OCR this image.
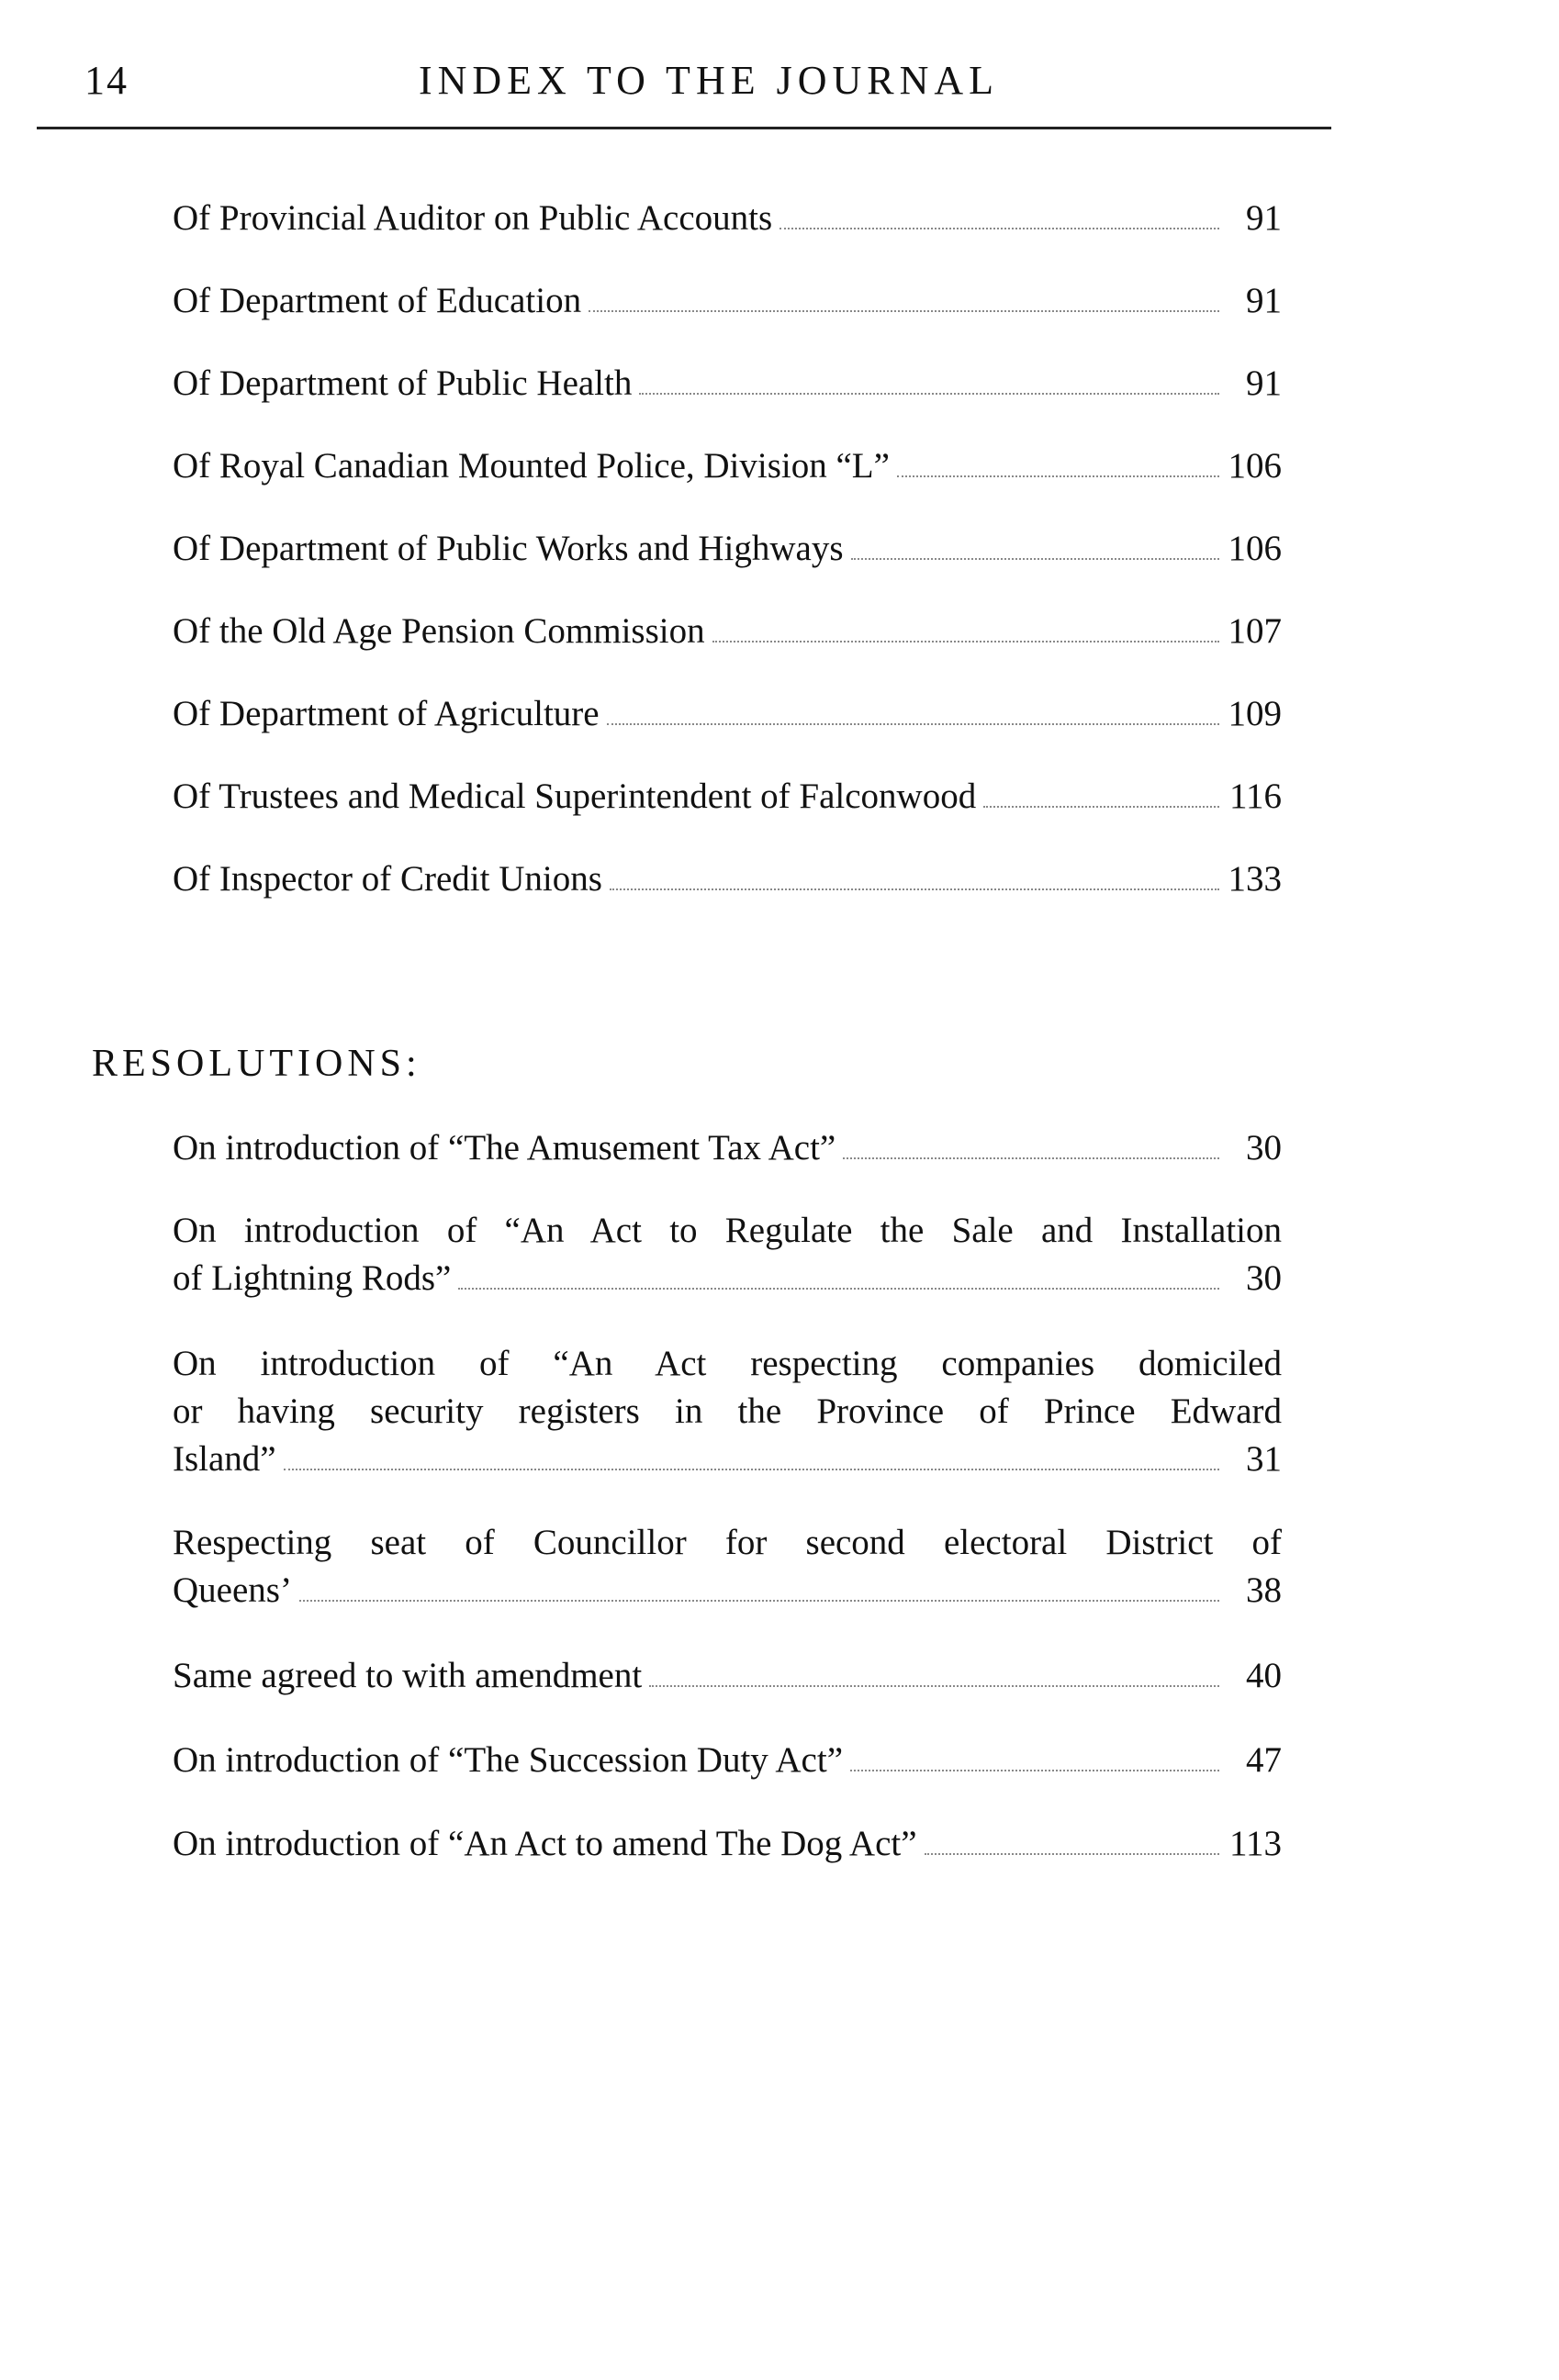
14	INDEX TO THE JOURNAL
Of Provincial Auditor on Public Accounts	91
Of Department of Education	91
Of Department of Public Health	91
Of Royal Canadian Mounted Police, Division “L”	106
Of Department of Public Works and Highways	106
Of the Old Age Pension Commission	107
Of Department of Agriculture	109
Of Trustees and Medical Superintendent of Falconwood	116
Of Inspector of Credit Unions	133
RESOLUTIONS:
On introduction of “The Amusement Tax Act”	30
On introduction of “An Act to Regulate the Sale and Installation
of Lightning Rods”	30
On introduction of “An Act respecting companies domiciled
or having security registers in the Province of Prince Edward
Island”	31
Respecting seat of Councillor for second electoral District of
Queens’	38
Same agreed to with amendment	40
On introduction of “The Succession Duty Act”	47
On introduction of “An Act to amend The Dog Act”	113
